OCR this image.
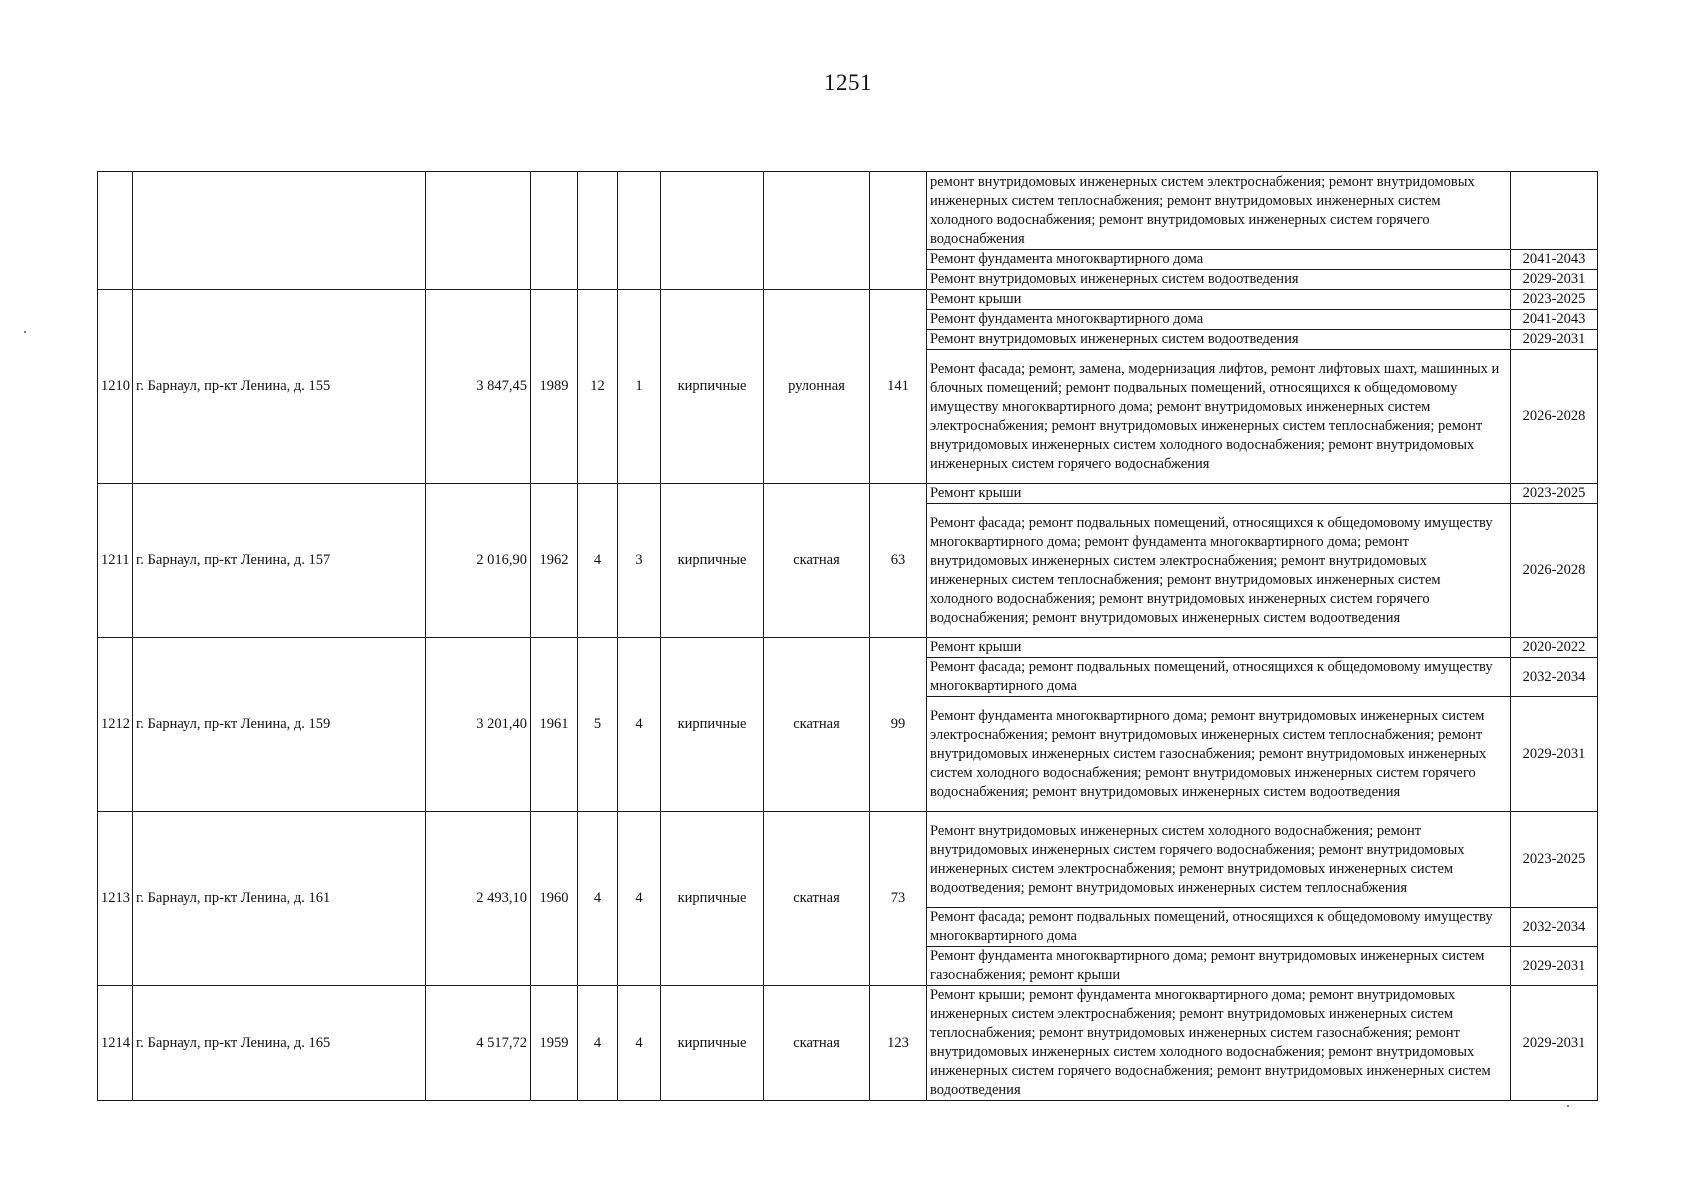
1251
									ремонт внутридомовых инженерных систем электроснабжения; ремонт внутридомовых инженерных систем теплоснабжения; ремонт внутридомовых инженерных систем холодного водоснабжения; ремонт внутридомовых инженерных систем горячего водоснабжения	
									Ремонт фундамента многоквартирного дома	2041-2043
									Ремонт внутридомовых инженерных систем водоотведения	2029-2031
1210	г. Барнаул, пр-кт Ленина, д. 155	3 847,45	1989	12	1	кирпичные	рулонная	141	Ремонт крыши	2023-2025
									Ремонт фундамента многоквартирного дома	2041-2043
									Ремонт внутридомовых инженерных систем водоотведения	2029-2031
									Ремонт фасада; ремонт, замена, модернизация лифтов, ремонт лифтовых шахт, машинных и блочных помещений; ремонт подвальных помещений, относящихся к общедомовому имуществу многоквартирного дома; ремонт внутридомовых инженерных систем электроснабжения; ремонт внутридомовых инженерных систем теплоснабжения; ремонт внутридомовых инженерных систем холодного водоснабжения; ремонт внутридомовых инженерных систем горячего водоснабжения	2026-2028
1211	г. Барнаул, пр-кт Ленина, д. 157	2 016,90	1962	4	3	кирпичные	скатная	63	Ремонт крыши	2023-2025
									Ремонт фасада; ремонт подвальных помещений, относящихся к общедомовому имуществу многоквартирного дома; ремонт фундамента многоквартирного дома; ремонт внутридомовых инженерных систем электроснабжения; ремонт внутридомовых инженерных систем теплоснабжения; ремонт внутридомовых инженерных систем холодного водоснабжения; ремонт внутридомовых инженерных систем горячего водоснабжения; ремонт внутридомовых инженерных систем водоотведения	2026-2028
1212	г. Барнаул, пр-кт Ленина, д. 159	3 201,40	1961	5	4	кирпичные	скатная	99	Ремонт крыши	2020-2022
									Ремонт фасада; ремонт подвальных помещений, относящихся к общедомовому имуществу многоквартирного дома	2032-2034
									Ремонт фундамента многоквартирного дома; ремонт внутридомовых инженерных систем электроснабжения; ремонт внутридомовых инженерных систем теплоснабжения; ремонт внутридомовых инженерных систем газоснабжения; ремонт внутридомовых инженерных систем холодного водоснабжения; ремонт внутридомовых инженерных систем горячего водоснабжения; ремонт внутридомовых инженерных систем водоотведения	2029-2031
1213	г. Барнаул, пр-кт Ленина, д. 161	2 493,10	1960	4	4	кирпичные	скатная	73	Ремонт внутридомовых инженерных систем холодного водоснабжения; ремонт внутридомовых инженерных систем горячего водоснабжения; ремонт внутридомовых инженерных систем электроснабжения; ремонт внутридомовых инженерных систем водоотведения; ремонт внутридомовых инженерных систем теплоснабжения	2023-2025
									Ремонт фасада; ремонт подвальных помещений, относящихся к общедомовому имуществу многоквартирного дома	2032-2034
									Ремонт фундамента многоквартирного дома; ремонт внутридомовых инженерных систем газоснабжения; ремонт крыши	2029-2031
1214	г. Барнаул, пр-кт Ленина, д. 165	4 517,72	1959	4	4	кирпичные	скатная	123	Ремонт крыши; ремонт фундамента многоквартирного дома; ремонт внутридомовых инженерных систем электроснабжения; ремонт внутридомовых инженерных систем теплоснабжения; ремонт внутридомовых инженерных систем газоснабжения; ремонт внутридомовых инженерных систем холодного водоснабжения; ремонт внутридомовых инженерных систем горячего водоснабжения; ремонт внутридомовых инженерных систем водоотведения	2029-2031
